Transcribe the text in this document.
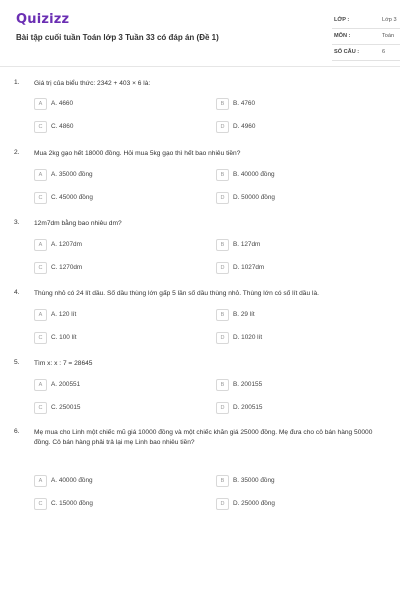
Quizizz
Bài tập cuối tuần Toán lớp 3 Tuần 33 có đáp án (Đề 1)
LỚP :	Lớp 3
MÔN :	Toán
SỐ CÂU :	6
1. Giá trị của biểu thức: 2342 + 403 × 6 là:
A	A. 4660	B	B. 4760
C	C. 4860	D	D. 4960
2. Mua 2kg gạo hết 18000 đồng. Hỏi mua 5kg gạo thì hết bao nhiêu tiền?
A	A. 35000 đồng	B	B. 40000 đồng
C	C. 45000 đồng	D	D. 50000 đồng
3. 12m7dm bằng bao nhiêu dm?
A	A. 1207dm	B	B. 127dm
C	C. 1270dm	D	D. 1027dm
4. Thùng nhỏ có 24 lít dầu. Số dầu thùng lớn gấp 5 lần số dầu thùng nhỏ. Thùng lớn có số lít dầu là.
A	A. 120 lít	B	B. 29 lít
C	C. 100 lít	D	D. 1020 lít
5. Tìm x: x : 7 = 28645
A	A. 200551	B	B. 200155
C	C. 250015	D	D. 200515
6. Mẹ mua cho Linh một chiếc mũ giá 10000 đồng và một chiếc khăn giá 25000 đồng. Mẹ đưa cho cô bán hàng 50000 đồng. Cô bán hàng phải trả lại mẹ Linh bao nhiêu tiền?
A	A. 40000 đồng	B	B. 35000 đồng
C	C. 15000 đồng	D	D. 25000 đồng
